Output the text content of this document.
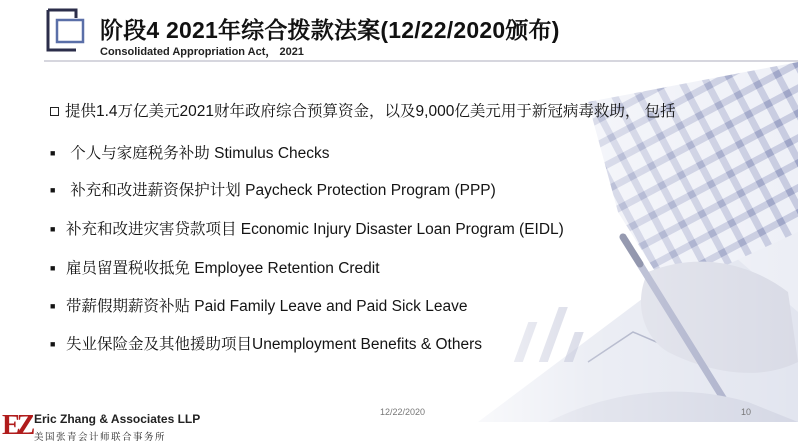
阶段4 2021年综合拨款法案(12/22/2020颁布)
Consolidated Appropriation Act， 2021
提供1.4万亿美元2021财年政府综合预算资金，以及9,000亿美元用于新冠病毒救助， 包括
■ 个人与家庭税务补助 Stimulus Checks
■ 补充和改进薪资保护计划 Paycheck Protection Program (PPP)
■ 补充和改进灾害贷款项目 Economic Injury Disaster Loan Program (EIDL)
■ 雇员留置税收抵免 Employee Retention Credit
■ 带薪假期薪资补贴 Paid Family Leave and Paid Sick Leave
■ 失业保险金及其他援助项目Unemployment Benefits & Others
12/22/2020	10
EZ Eric Zhang & Associates LLP
美国张青会计师联合事务所
